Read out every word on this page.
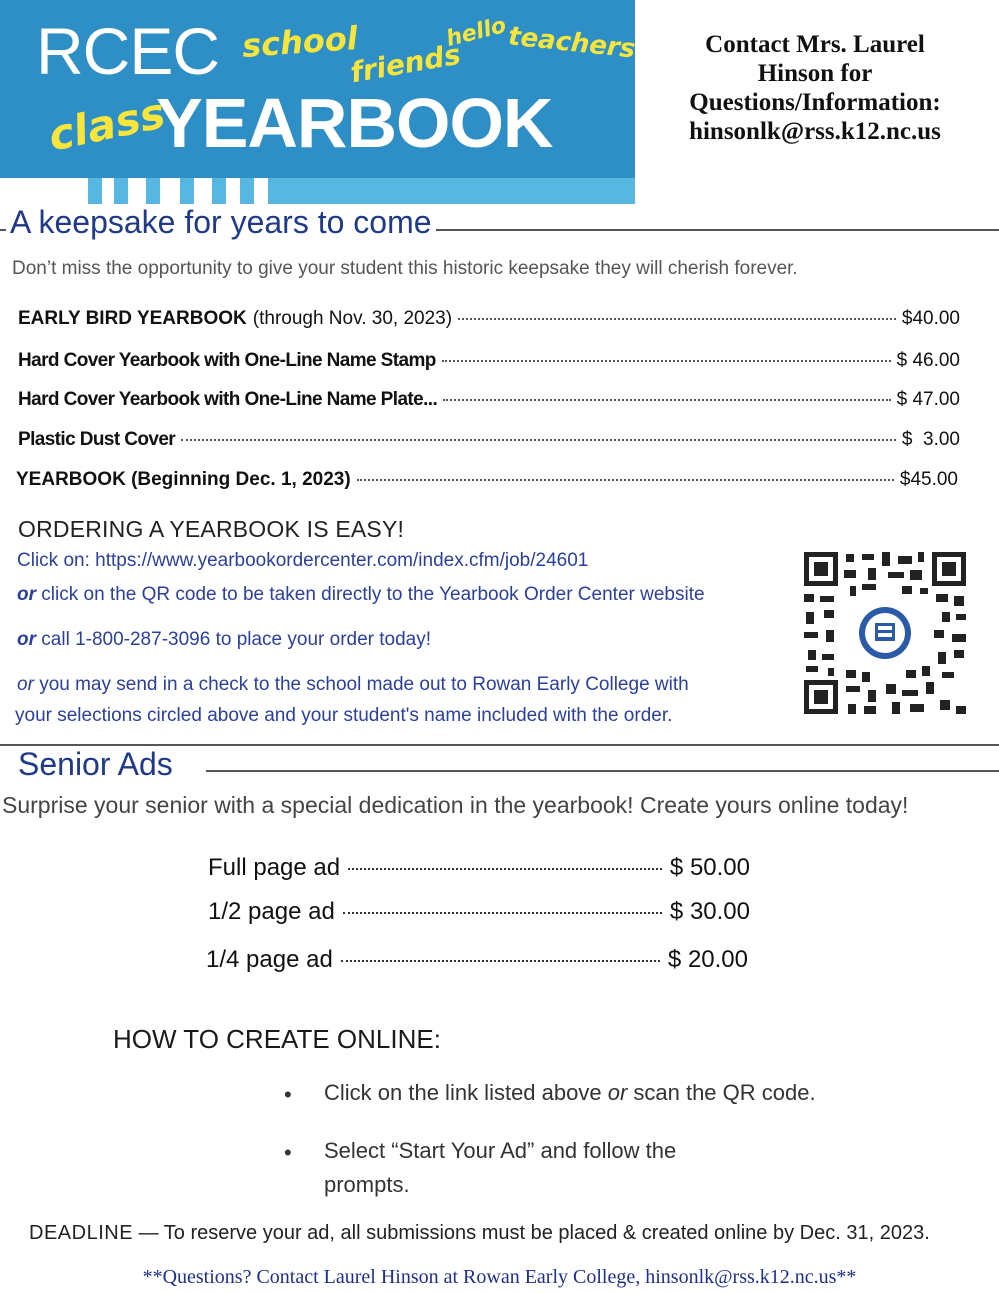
RCEC
YEARBOOK
school
friends
hello
teachers
class
Contact Mrs. Laurel
Hinson for
Questions/Information:
hinsonlk@rss.k12.nc.us
A keepsake for years to come
Don’t miss the opportunity to give your student this historic keepsake they will cherish forever.
EARLY BIRD YEARBOOK (through Nov. 30, 2023)	$40.00
Hard Cover Yearbook with One-Line Name Stamp	$ 46.00
Hard Cover Yearbook with One-Line Name Plate...	$ 47.00
Plastic Dust Cover	$  3.00
YEARBOOK (Beginning Dec. 1, 2023)	$45.00
ORDERING A YEARBOOK IS EASY!
Click on: https://www.yearbookordercenter.com/index.cfm/job/24601
or click on the QR code to be taken directly to the Yearbook Order Center website
or call 1-800-287-3096 to place your order today!
or you may send in a check to the school made out to Rowan Early College with
your selections circled above and your student's name included with the order.
Senior Ads
Surprise your senior with a special dedication in the yearbook! Create yours online today!
Full page ad	$ 50.00
1/2 page ad	$ 30.00
1/4 page ad	$ 20.00
HOW TO CREATE ONLINE:
• Click on the link listed above or scan the QR code.
• Select “Start Your Ad” and follow the
prompts.
DEADLINE — To reserve your ad, all submissions must be placed & created online by Dec. 31, 2023.
**Questions? Contact Laurel Hinson at Rowan Early College, hinsonlk@rss.k12.nc.us**
